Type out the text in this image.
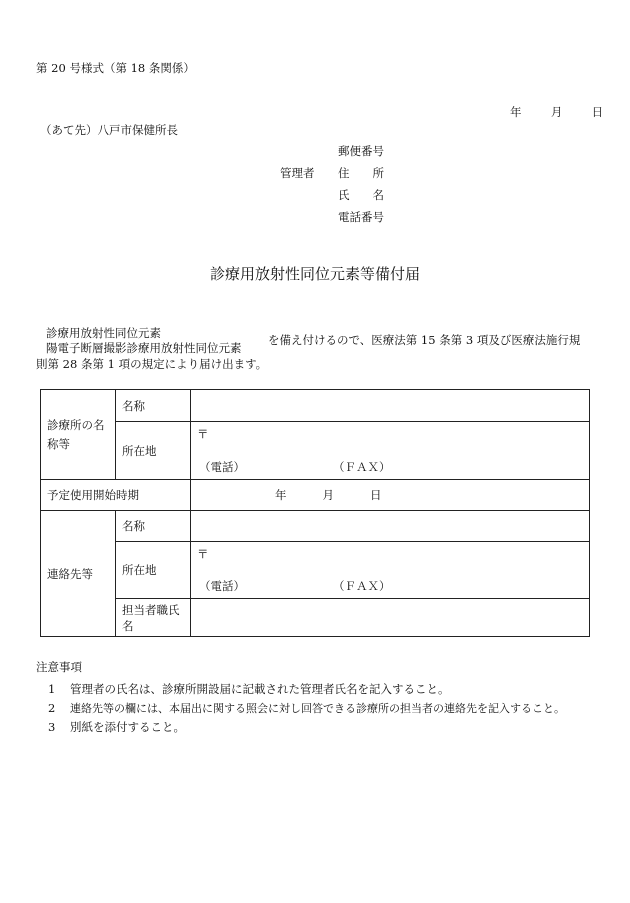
第 20 号様式（第 18 条関係）
年	月	日
（あて先）八戸市保健所長
管理者
郵便番号
住　　所
氏　　名
電話番号
診療用放射性同位元素等備付届
診療用放射性同位元素
陽電子断層撮影診療用放射性同位元素
を備え付けるので、医療法第 15 条第 3 項及び医療法施行規
則第 28 条第 1 項の規定により届け出ます。
診療所の名称等	名称	
	所在地	〒
（電話） （ＦＡＸ）

予定使用開始時期		年 月 日
連絡先等	名称	
	所在地	〒
（電話） （ＦＡＸ）

	担当者職氏名	
注意事項
1 管理者の氏名は、診療所開設届に記載された管理者氏名を記入すること。
2 連絡先等の欄には、本届出に関する照会に対し回答できる診療所の担当者の連絡先を記入すること。
3 別紙を添付すること。
